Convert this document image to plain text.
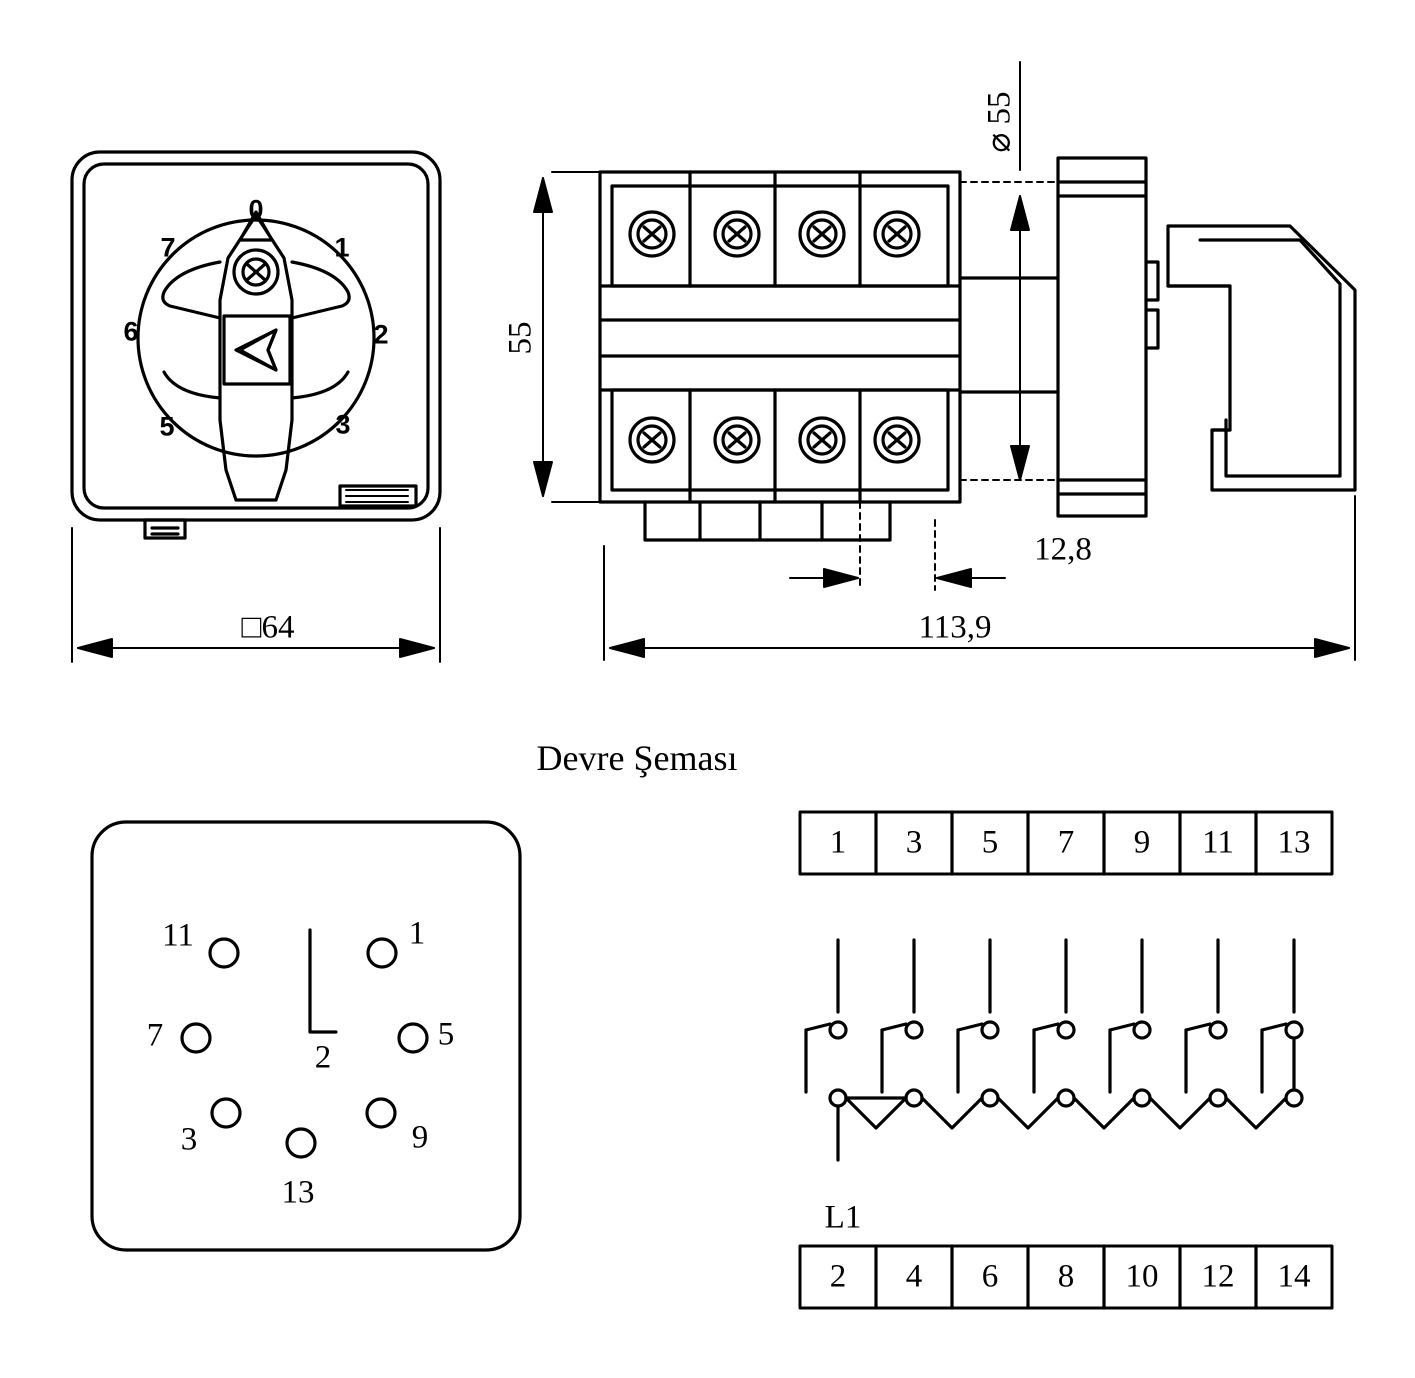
0
1
2
3
5
6
7
□64
55
⌀ 55
12,8
113,9
Devre Şeması
11	1
7	5
2
3	9
13
1 3 5 7 9 11 13
2 4 6 8 10 12 14
L1
